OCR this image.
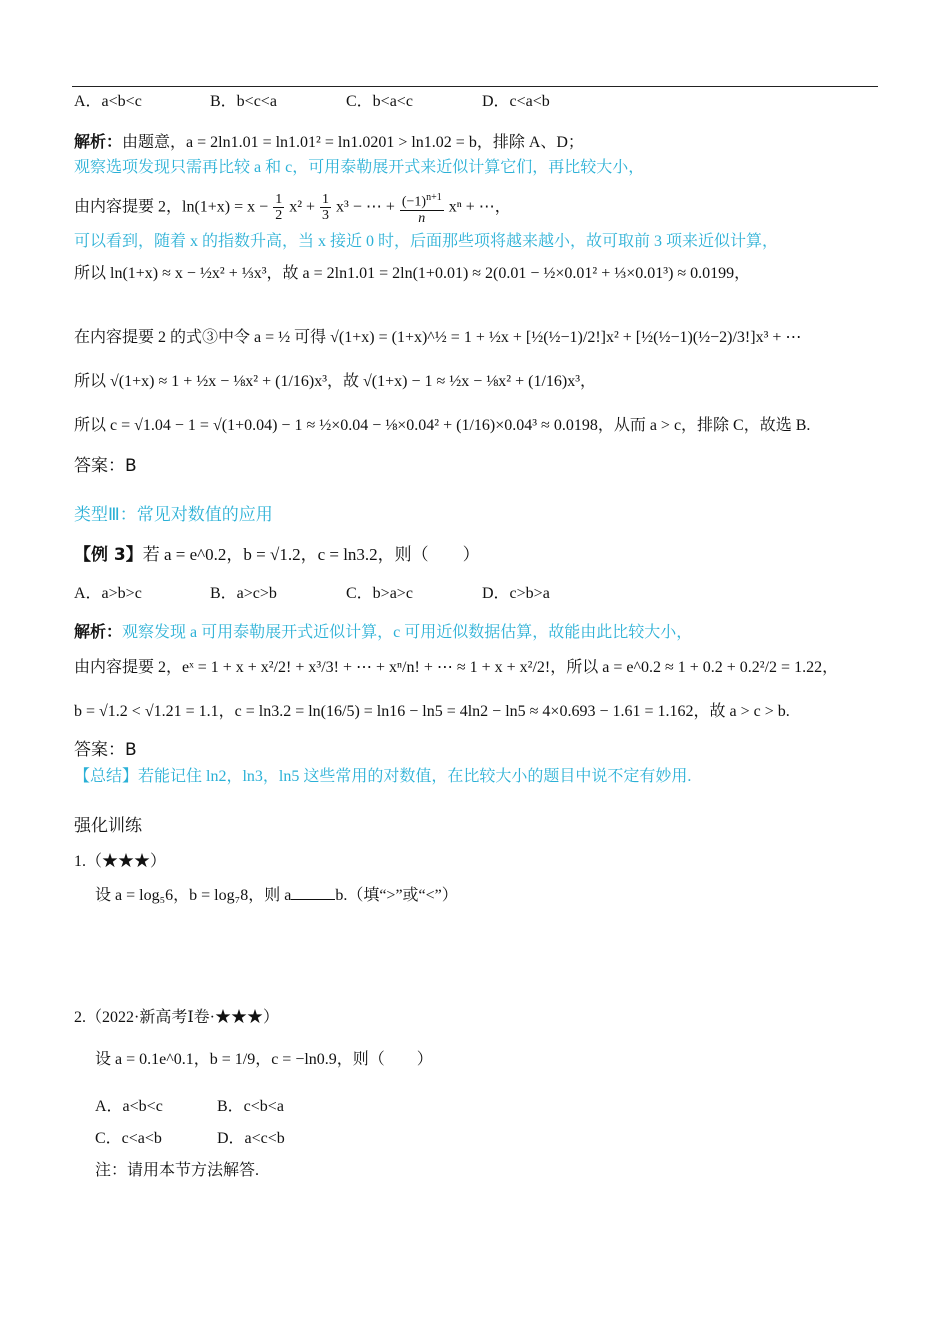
A．a<b<c	B．b<c<a	C．b<a<c	D．c<a<b
解析：由题意，a = 2ln1.01 = ln1.01² = ln1.0201 > ln1.02 = b，排除 A、D；
观察选项发现只需再比较 a 和 c，可用泰勒展开式来近似计算它们，再比较大小，
由内容提要 2，$\ln(1+x) = x - \frac{1}{2} x^2 + \frac{1}{3} x^3$ − ⋯ + $\frac{(-1)^{n+1}}{n}$ xⁿ + ⋯，
可以看到，随着 x 的指数升高，当 x 接近 0 时，后面那些项将越来越小，故可取前 3 项来近似计算，
所以 ln(1+x) ≈ x − ½x² + ⅓x³，故 a = 2ln1.01 = 2ln(1+0.01) ≈ 2(0.01 − ½×0.01² + ⅓×0.01³) ≈ 0.0199，
在内容提要 2 的式③中令 a = ½ 可得 √(1+x) = (1+x)^½ = 1 + ½x + [½(½−1)/2!]x² + [½(½−1)(½−2)/3!]x³ + ⋯
所以 √(1+x) ≈ 1 + ½x − ⅛x² + (1/16)x³，故 √(1+x) − 1 ≈ ½x − ⅛x² + (1/16)x³，
所以 c = √1.04 − 1 = √(1+0.04) − 1 ≈ ½×0.04 − ⅛×0.04² + (1/16)×0.04³ ≈ 0.0198，从而 a > c，排除 C，故选 B.
答案：B
类型Ⅲ：常见对数值的应用
【例 3】若 a = e^0.2，b = √1.2，c = ln3.2，则（　　）
A．a>b>c	B．a>c>b	C．b>a>c	D．c>b>a
解析：观察发现 a 可用泰勒展开式近似计算，c 可用近似数据估算，故能由此比较大小，
由内容提要 2，eˣ = 1 + x + x²/2! + x³/3! + ⋯ + xⁿ/n! + ⋯ ≈ 1 + x + x²/2!，所以 a = e^0.2 ≈ 1 + 0.2 + 0.2²/2 = 1.22，
b = √1.2 < √1.21 = 1.1，c = ln3.2 = ln(16/5) = ln16 − ln5 = 4ln2 − ln5 ≈ 4×0.693 − 1.61 = 1.162，故 a > c > b.
答案：B
【总结】若能记住 ln2，ln3，ln5 这些常用的对数值，在比较大小的题目中说不定有妙用.
强化训练
1.（★★★）
设 a = log₅6，b = log₇8，则 a	b.（填“>”或“<”）
2.（2022·新高考Ⅰ卷·★★★）
设 a = 0.1e^0.1，b = 1/9，c = −ln0.9，则（　　）
A．a<b<c	B．c<b<a
C．c<a<b	D．a<c<b
注：请用本节方法解答.
